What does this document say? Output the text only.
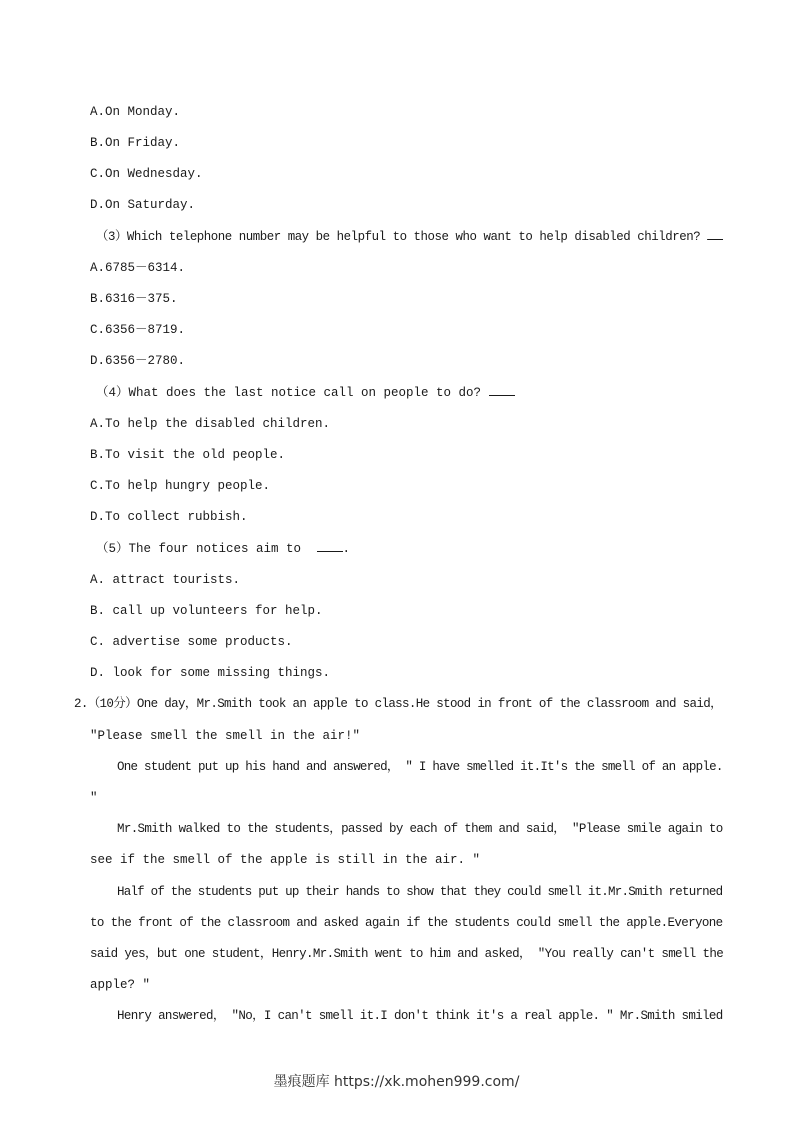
A.On Monday.
B.On Friday.
C.On Wednesday.
D.On Saturday.
（3）Which telephone number may be helpful to those who want to help disabled children?
A.6785－6314.
B.6316－375.
C.6356－8719.
D.6356－2780.
（4）What does the last notice call on people to do?
A.To help the disabled children.
B.To visit the old people.
C.To help hungry people.
D.To collect rubbish.
（5）The four notices aim to	.
A. attract tourists.
B. call up volunteers for help.
C. advertise some products.
D. look for some missing things.
2.（10分）One day，Mr.Smith took an apple to class.He stood in front of the classroom and said，
"Please smell the smell in the air!"
One student put up his hand and answered， " I have smelled it.It's the smell of an apple.
"
Mr.Smith walked to the students，passed by each of them and said， "Please smile again to
see if the smell of the apple is still in the air. "
Half of the students put up their hands to show that they could smell it.Mr.Smith returned
to the front of the classroom and asked again if the students could smell the apple.Everyone
said yes，but one student，Henry.Mr.Smith went to him and asked， "You really can't smell the
apple? "
Henry answered， "No，I can't smell it.I don't think it's a real apple. " Mr.Smith smiled
墨痕题库 https://xk.mohen999.com/
